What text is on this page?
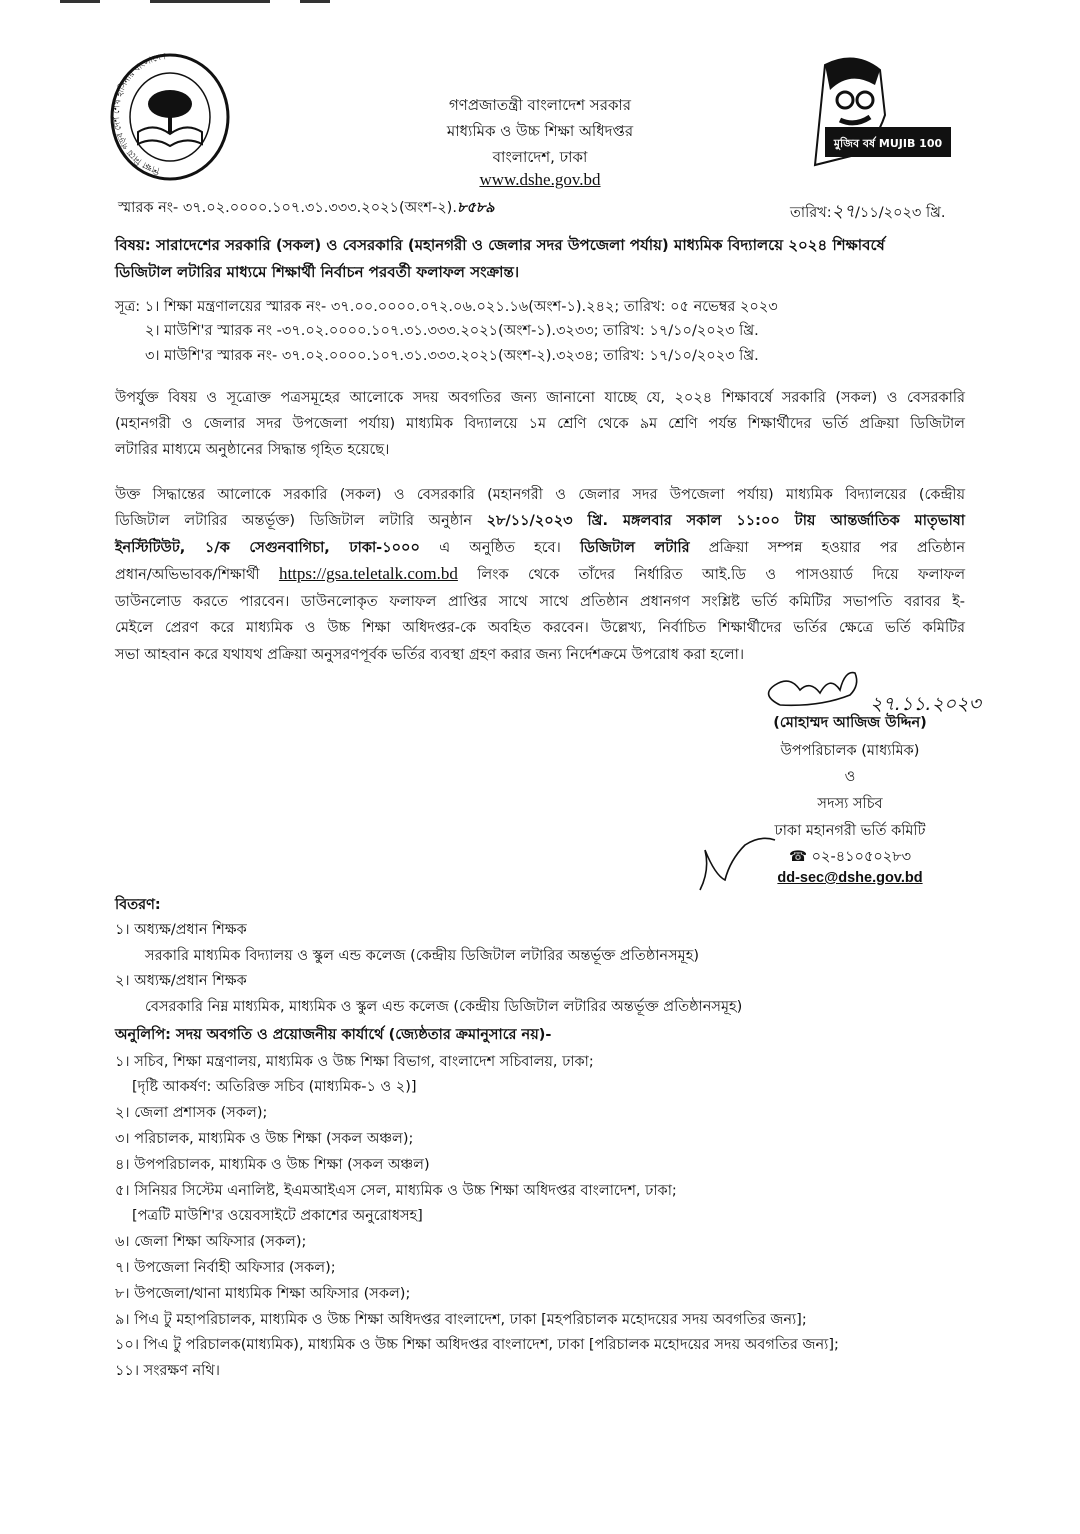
শিক্ষা নিয়ে গড়ব দেশ শেখ হাসিনার বাংলাদেশ
মুজিব বর্ষ MUJIB 100
গণপ্রজাতন্ত্রী বাংলাদেশ সরকার
মাধ্যমিক ও উচ্চ শিক্ষা অধিদপ্তর
বাংলাদেশ, ঢাকা
www.dshe.gov.bd
স্মারক নং- ৩৭.০২.০০০০.১০৭.৩১.৩৩৩.২০২১(অংশ-২).৮৫৮৯	তারিখ:২৭/১১/২০২৩ খ্রি.
বিষয়: সারাদেশের সরকারি (সকল) ও বেসরকারি (মহানগরী ও জেলার সদর উপজেলা পর্যায়) মাধ্যমিক বিদ্যালয়ে ২০২৪ শিক্ষাবর্ষে
ডিজিটাল লটারির মাধ্যমে শিক্ষার্থী নির্বাচন পরবর্তী ফলাফল সংক্রান্ত।
সূত্র: ১। শিক্ষা মন্ত্রণালয়ের স্মারক নং- ৩৭.০০.০০০০.০৭২.০৬.০২১.১৬(অংশ-১).২৪২; তারিখ: ০৫ নভেম্বর ২০২৩
২। মাউশি'র স্মারক নং -৩৭.০২.০০০০.১০৭.৩১.৩৩৩.২০২১(অংশ-১).৩২৩৩; তারিখ: ১৭/১০/২০২৩ খ্রি.
৩। মাউশি'র স্মারক নং- ৩৭.০২.০০০০.১০৭.৩১.৩৩৩.২০২১(অংশ-২).৩২৩৪; তারিখ: ১৭/১০/২০২৩ খ্রি.
উপর্যুক্ত বিষয় ও সূত্রোক্ত পত্রসমূহের আলোকে সদয় অবগতির জন্য জানানো যাচ্ছে যে, ২০২৪ শিক্ষাবর্ষে সরকারি (সকল) ও বেসরকারি
(মহানগরী ও জেলার সদর উপজেলা পর্যায়) মাধ্যমিক বিদ্যালয়ে ১ম শ্রেণি থেকে ৯ম শ্রেণি পর্যন্ত শিক্ষার্থীদের ভর্তি প্রক্রিয়া ডিজিটাল
লটারির মাধ্যমে অনুষ্ঠানের সিদ্ধান্ত গৃহিত হয়েছে।
উক্ত সিদ্ধান্তের আলোকে সরকারি (সকল) ও বেসরকারি (মহানগরী ও জেলার সদর উপজেলা পর্যায়) মাধ্যমিক বিদ্যালয়ের (কেন্দ্রীয়
ডিজিটাল লটারির অন্তর্ভূক্ত) ডিজিটাল লটারি অনুষ্ঠান ২৮/১১/২০২৩ খ্রি. মঙ্গলবার সকাল ১১:০০ টায় আন্তর্জাতিক মাতৃভাষা
ইনস্টিটিউট, ১/ক সেগুনবাগিচা, ঢাকা-১০০০ এ অনুষ্ঠিত হবে। ডিজিটাল লটারি প্রক্রিয়া সম্পন্ন হওয়ার পর প্রতিষ্ঠান
প্রধান/অভিভাবক/শিক্ষার্থী https://gsa.teletalk.com.bd লিংক থেকে তাঁদের নির্ধারিত আই.ডি ও পাসওয়ার্ড দিয়ে ফলাফল
ডাউনলোড করতে পারবেন। ডাউনলোকৃত ফলাফল প্রাপ্তির সাথে সাথে প্রতিষ্ঠান প্রধানগণ সংশ্লিষ্ট ভর্তি কমিটির সভাপতি বরাবর ই-
মেইলে প্রেরণ করে মাধ্যমিক ও উচ্চ শিক্ষা অধিদপ্তর-কে অবহিত করবেন। উল্লেখ্য, নির্বাচিত শিক্ষার্থীদের ভর্তির ক্ষেত্রে ভর্তি কমিটির
সভা আহবান করে যথাযথ প্রক্রিয়া অনুসরণপূর্বক ভর্তির ব্যবস্থা গ্রহণ করার জন্য নির্দেশক্রমে উপরোধ করা হলো।
২৭.১১.২০২৩
(মোহাম্মদ আজিজ উদ্দিন)
উপপরিচালক (মাধ্যমিক)
ও
সদস্য সচিব
ঢাকা মহানগরী ভর্তি কমিটি
☎ ০২-৪১০৫০২৮৩
dd-sec@dshe.gov.bd
বিতরণ:
১। অধ্যক্ষ/প্রধান শিক্ষক
সরকারি মাধ্যমিক বিদ্যালয় ও স্কুল এন্ড কলেজ (কেন্দ্রীয় ডিজিটাল লটারির অন্তর্ভূক্ত প্রতিষ্ঠানসমূহ)
২। অধ্যক্ষ/প্রধান শিক্ষক
বেসরকারি নিম্ন মাধ্যমিক, মাধ্যমিক ও স্কুল এন্ড কলেজ (কেন্দ্রীয় ডিজিটাল লটারির অন্তর্ভূক্ত প্রতিষ্ঠানসমূহ)
অনুলিপি: সদয় অবগতি ও প্রয়োজনীয় কার্যার্থে (জ্যেষ্ঠতার ক্রমানুসারে নয়)-
১। সচিব, শিক্ষা মন্ত্রণালয়, মাধ্যমিক ও উচ্চ শিক্ষা বিভাগ, বাংলাদেশ সচিবালয়, ঢাকা;
[দৃষ্টি আকর্ষণ: অতিরিক্ত সচিব (মাধ্যমিক-১ ও ২)]
২। জেলা প্রশাসক (সকল);
৩। পরিচালক, মাধ্যমিক ও উচ্চ শিক্ষা (সকল অঞ্চল);
৪। উপপরিচালক, মাধ্যমিক ও উচ্চ শিক্ষা (সকল অঞ্চল)
৫। সিনিয়র সিস্টেম এনালিষ্ট, ইএমআইএস সেল, মাধ্যমিক ও উচ্চ শিক্ষা অধিদপ্তর বাংলাদেশ, ঢাকা;
[পত্রটি মাউশি'র ওয়েবসাইটে প্রকাশের অনুরোধসহ]
৬। জেলা শিক্ষা অফিসার (সকল);
৭। উপজেলা নির্বাহী অফিসার (সকল);
৮। উপজেলা/থানা মাধ্যমিক শিক্ষা অফিসার (সকল);
৯। পিএ টু মহাপরিচালক, মাধ্যমিক ও উচ্চ শিক্ষা অধিদপ্তর বাংলাদেশ, ঢাকা [মহপরিচালক মহোদয়ের সদয় অবগতির জন্য];
১০। পিএ টু পরিচালক(মাধ্যমিক), মাধ্যমিক ও উচ্চ শিক্ষা অধিদপ্তর বাংলাদেশ, ঢাকা [পরিচালক মহোদয়ের সদয় অবগতির জন্য];
১১। সংরক্ষণ নথি।
